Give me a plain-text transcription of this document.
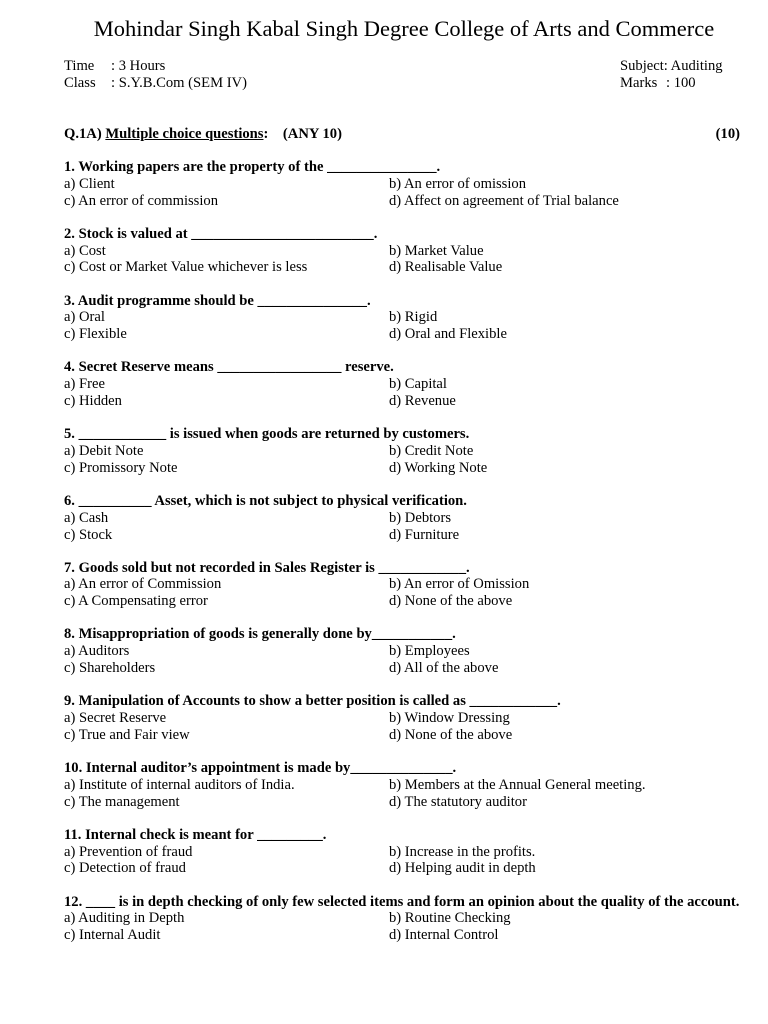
Mohindar Singh Kabal Singh Degree College of Arts and Commerce
Time	: 3 Hours
Class	: S.Y.B.Com (SEM IV)
Subject: Auditing
Marks : 100
Q.1A) Multiple choice questions:    (ANY 10)	(10)
1. Working papers are the property of the _______________.
a) Client	b) An error of omission
c) An error of commission	d) Affect on agreement of Trial balance
2. Stock is valued at _________________________.
a) Cost	b) Market Value
c) Cost or Market Value whichever is less	d) Realisable Value
3. Audit programme should be _______________.
a) Oral	b) Rigid
c) Flexible	d) Oral and Flexible
4. Secret Reserve means _________________ reserve.
a) Free	b) Capital
c) Hidden	d) Revenue
5. ____________ is issued when goods are returned by customers.
a) Debit Note	b) Credit Note
c) Promissory Note	d) Working Note
6. __________ Asset, which is not subject to physical verification.
a) Cash	b) Debtors
c) Stock	d) Furniture
7. Goods sold but not recorded in Sales Register is ____________.
a) An error of Commission	b) An error of Omission
c) A Compensating error	d) None of the above
8. Misappropriation of goods is generally done by___________.
a) Auditors	b) Employees
c) Shareholders	d) All of the above
9. Manipulation of Accounts to show a better position is called as ____________.
a) Secret Reserve	b) Window Dressing
c) True and Fair view	d) None of the above
10. Internal auditor’s appointment is made by______________.
a) Institute of internal auditors of India.	b) Members at the Annual General meeting.
c) The management	d) The statutory auditor
11. Internal check is meant for _________.
a) Prevention of fraud	b) Increase in the profits.
c) Detection of fraud	d) Helping audit in depth
12. ____ is in depth checking of only few selected items and form an opinion about the quality of the account.
a) Auditing in Depth	b) Routine Checking
c) Internal Audit	d) Internal Control
